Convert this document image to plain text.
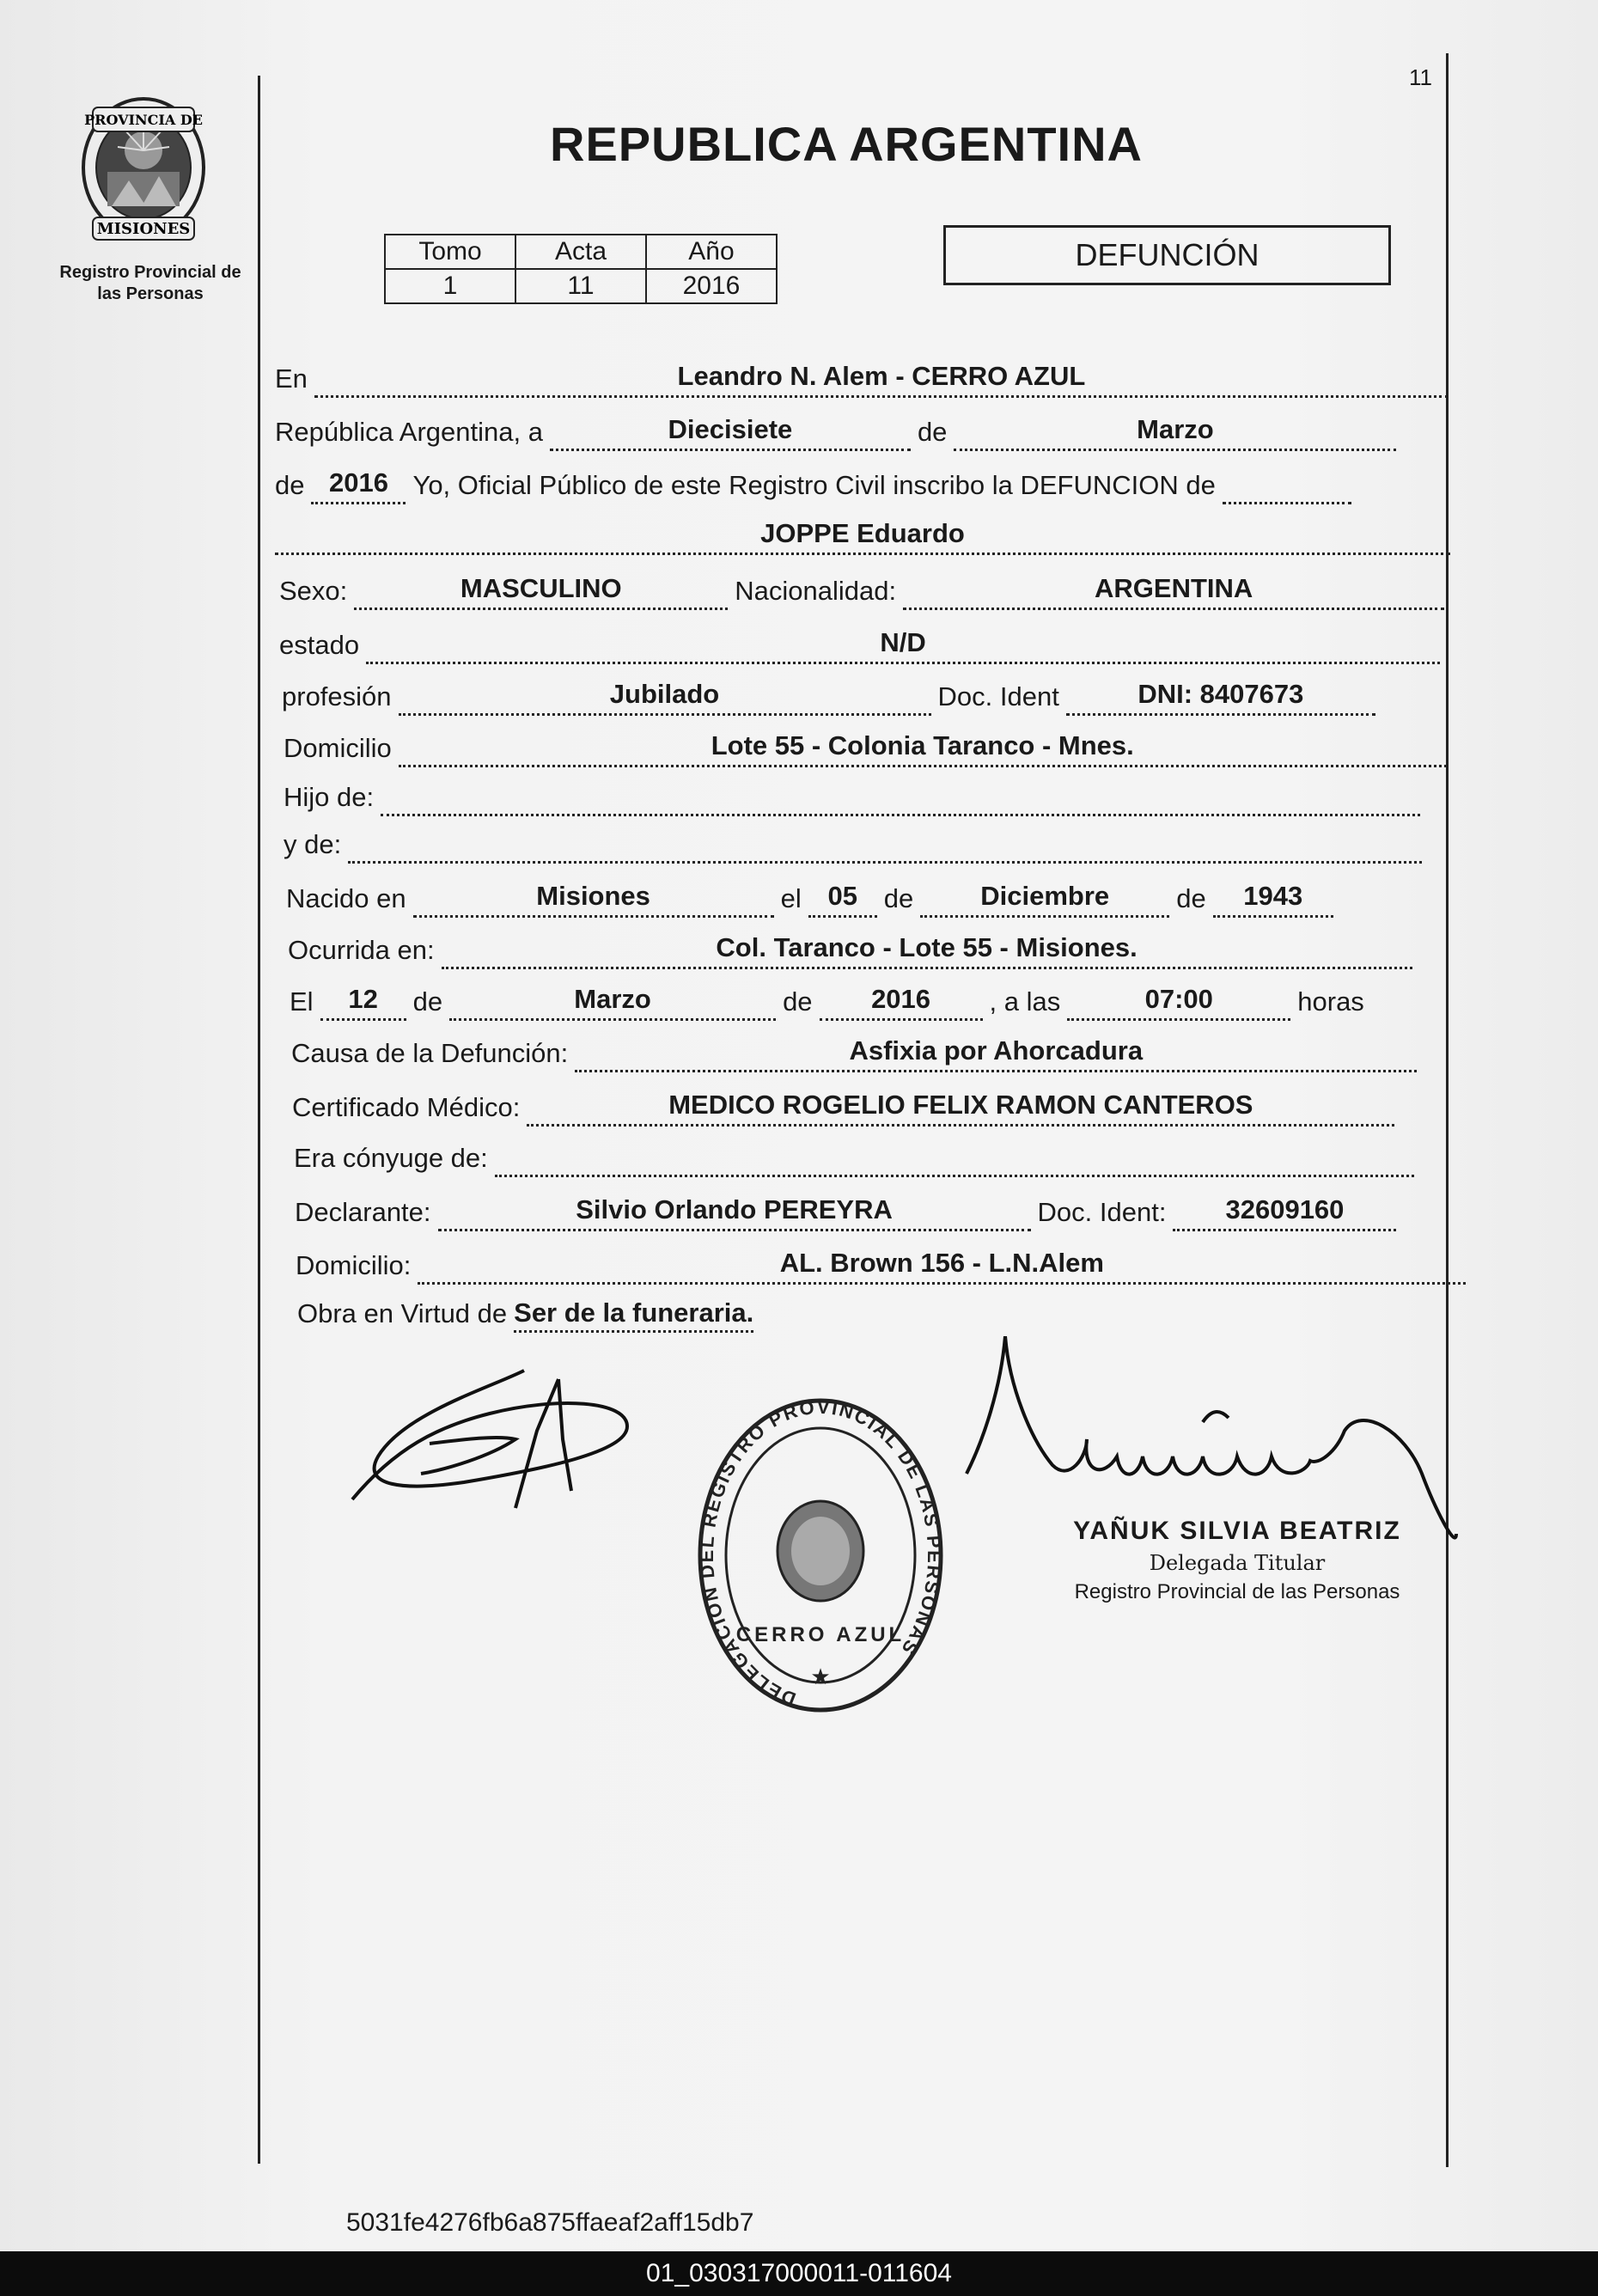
PROVINCIA DE
MISIONES
Registro Provincial de las Personas
11
REPUBLICA ARGENTINA
Tomo	Acta	Año
1	11	2016
DEFUNCIÓN
En	Leandro N. Alem - CERRO AZUL
República Argentina, a	Diecisiete	de	Marzo
de 2016 Yo, Oficial Público de este Registro Civil inscribo la DEFUNCION de
JOPPE Eduardo
Sexo:	MASCULINO	Nacionalidad:	ARGENTINA
estado	N/D
profesión	Jubilado	Doc. Ident	DNI: 8407673
Domicilio	Lote 55 - Colonia Taranco - Mnes.
Hijo de:
y de:
Nacido en	Misiones	el 05 de	Diciembre	de	1943
Ocurrida en:	Col. Taranco - Lote 55 - Misiones.
El	12	de	Marzo	de	2016	, a las	07:00	horas
Causa de la Defunción:	Asfixia por Ahorcadura
Certificado Médico:	MEDICO ROGELIO FELIX RAMON CANTEROS
Era cónyuge de:
Declarante:	Silvio Orlando PEREYRA	Doc. Ident:	32609160
Domicilio:	AL. Brown 156 - L.N.Alem
Obra en Virtud de Ser de la funeraria.
DELEGACION DEL REGISTRO PROVINCIAL DE LAS PERSONAS
CERRO AZUL
★
YAÑUK SILVIA BEATRIZ
Delegada Titular
Registro Provincial de las Personas
5031fe4276fb6a875ffaeaf2aff15db7
01_030317000011-011604
